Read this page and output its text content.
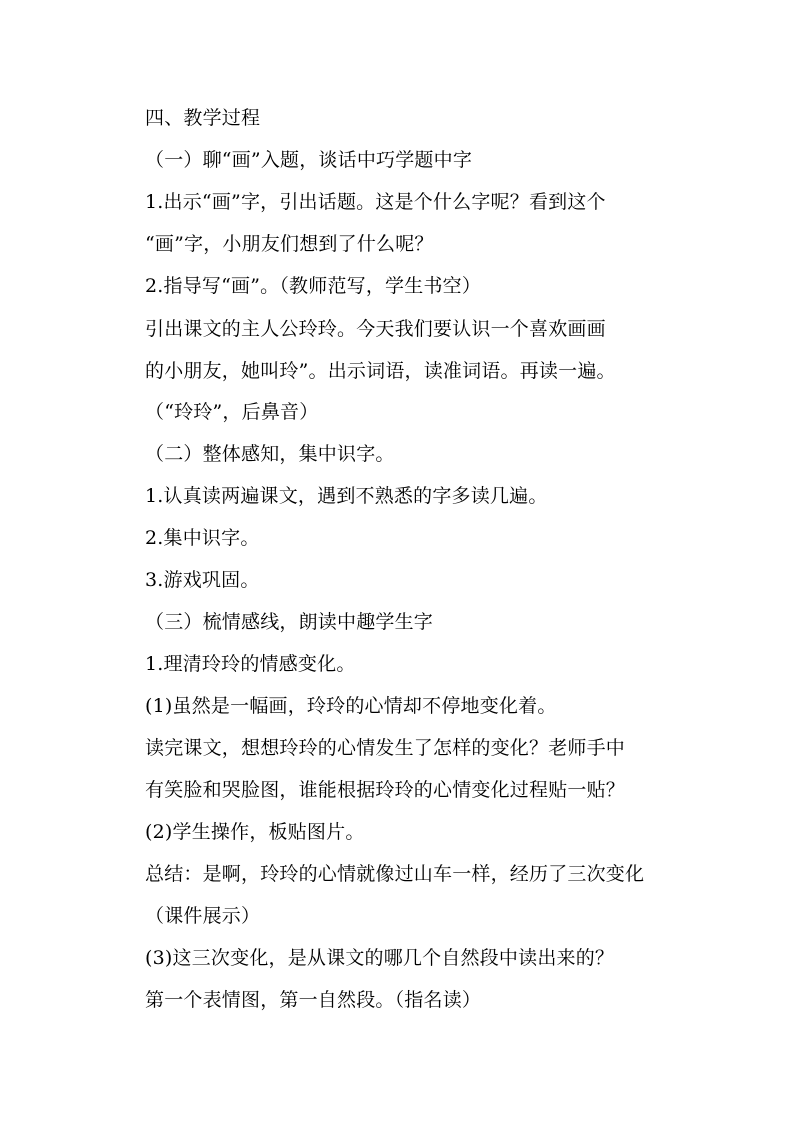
四、教学过程
（一）聊“画”入题，谈话中巧学题中字
1.出示“画”字，引出话题。这是个什么字呢？看到这个
“画”字，小朋友们想到了什么呢？
2.指导写“画”。（教师范写，学生书空）
引出课文的主人公玲玲。今天我们要认识一个喜欢画画
的小朋友，她叫玲”。出示词语，读准词语。再读一遍。
（“玲玲”，后鼻音）
（二）整体感知，集中识字。
1.认真读两遍课文，遇到不熟悉的字多读几遍。
2.集中识字。
3.游戏巩固。
（三）梳情感线，朗读中趣学生字
1.理清玲玲的情感变化。
(1)虽然是一幅画，玲玲的心情却不停地变化着。
读完课文，想想玲玲的心情发生了怎样的变化？老师手中
有笑脸和哭脸图，谁能根据玲玲的心情变化过程贴一贴？
(2)学生操作，板贴图片。
总结：是啊，玲玲的心情就像过山车一样，经历了三次变化
（课件展示）
(3)这三次变化，是从课文的哪几个自然段中读出来的？
第一个表情图，第一自然段。（指名读）
